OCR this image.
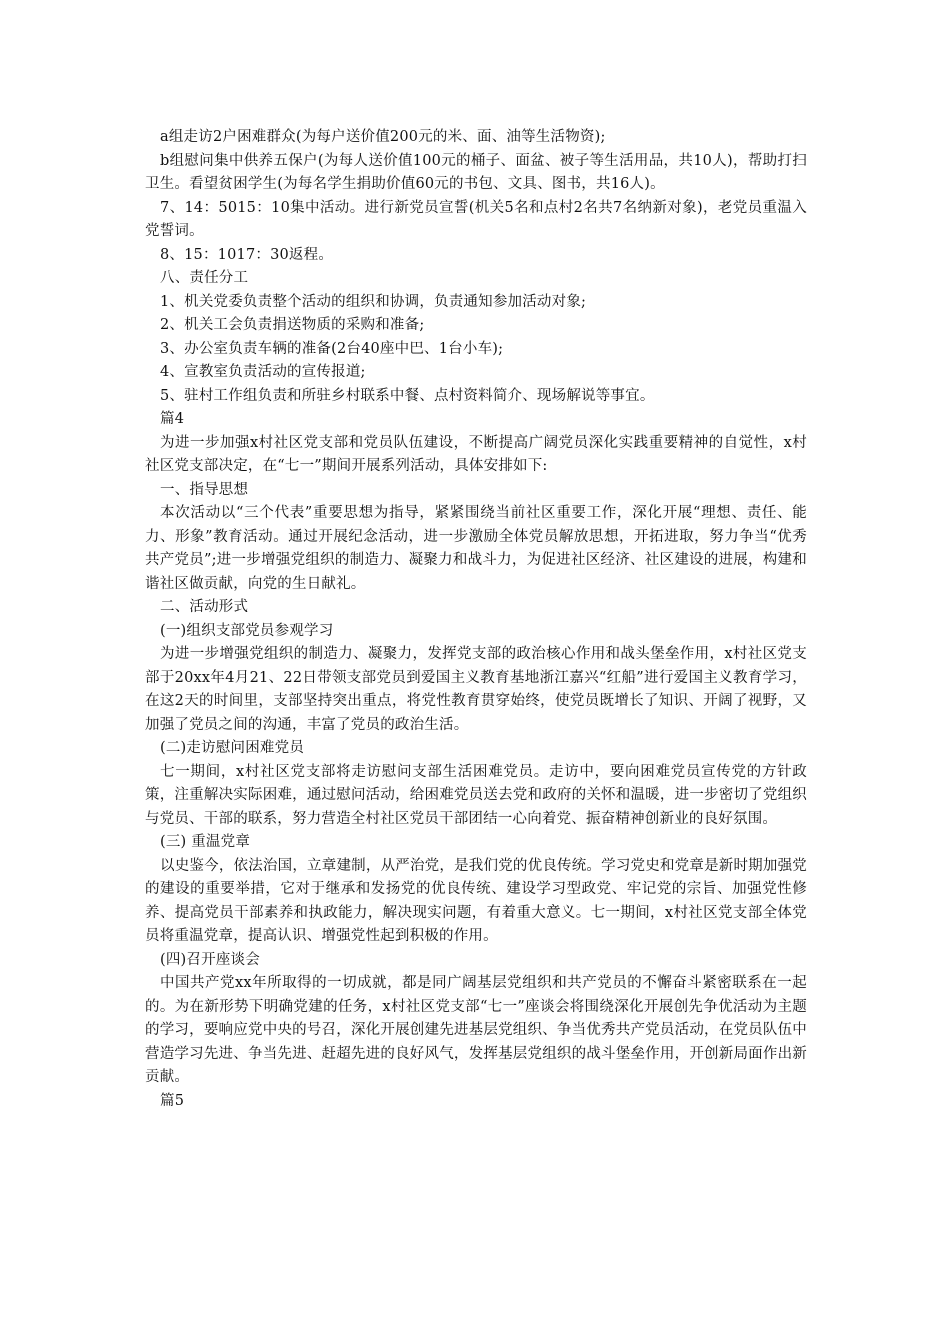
a组走访2户困难群众(为每户送价值200元的米、面、油等生活物资);

b组慰问集中供养五保户(为每人送价值100元的桶子、面盆、被子等生活用品，共10人)，帮助打扫卫生。看望贫困学生(为每名学生捐助价值60元的书包、文具、图书，共16人)。

7、14：5015：10集中活动。进行新党员宣誓(机关5名和点村2名共7名纳新对象)，老党员重温入党誓词。

8、15：1017：30返程。

八、责任分工

1、机关党委负责整个活动的组织和协调，负责通知参加活动对象;

2、机关工会负责捐送物质的采购和准备;

3、办公室负责车辆的准备(2台40座中巴、1台小车);

4、宣教室负责活动的宣传报道;

5、驻村工作组负责和所驻乡村联系中餐、点村资料简介、现场解说等事宜。

篇4

为进一步加强x村社区党支部和党员队伍建设，不断提高广阔党员深化实践重要精神的自觉性，x村社区党支部决定，在“七一”期间开展系列活动，具体安排如下:

一、指导思想

本次活动以“三个代表”重要思想为指导，紧紧围绕当前社区重要工作，深化开展“理想、责任、能力、形象”教育活动。通过开展纪念活动，进一步激励全体党员解放思想，开拓进取，努力争当“优秀共产党员”;进一步增强党组织的制造力、凝聚力和战斗力，为促进社区经济、社区建设的进展，构建和谐社区做贡献，向党的生日献礼。

二、活动形式

(一)组织支部党员参观学习

为进一步增强党组织的制造力、凝聚力，发挥党支部的政治核心作用和战头堡垒作用，x村社区党支部于20xx年4月21、22日带领支部党员到爱国主义教育基地浙江嘉兴“红船”进行爱国主义教育学习，在这2天的时间里，支部坚持突出重点，将党性教育贯穿始终，使党员既增长了知识、开阔了视野，又加强了党员之间的沟通，丰富了党员的政治生活。

(二)走访慰问困难党员

七一期间，x村社区党支部将走访慰问支部生活困难党员。走访中，要向困难党员宣传党的方针政策，注重解决实际困难，通过慰问活动，给困难党员送去党和政府的关怀和温暖，进一步密切了党组织与党员、干部的联系，努力营造全村社区党员干部团结一心向着党、振奋精神创新业的良好氛围。

(三) 重温党章

以史鉴今，依法治国，立章建制，从严治党，是我们党的优良传统。学习党史和党章是新时期加强党的建设的重要举措，它对于继承和发扬党的优良传统、建设学习型政党、牢记党的宗旨、加强党性修养、提高党员干部素养和执政能力，解决现实问题，有着重大意义。七一期间，x村社区党支部全体党员将重温党章，提高认识、增强党性起到积极的作用。

(四)召开座谈会

中国共产党xx年所取得的一切成就，都是同广阔基层党组织和共产党员的不懈奋斗紧密联系在一起的。为在新形势下明确党建的任务，x村社区党支部“七一”座谈会将围绕深化开展创先争优活动为主题的学习，要响应党中央的号召，深化开展创建先进基层党组织、争当优秀共产党员活动，在党员队伍中营造学习先进、争当先进、赶超先进的良好风气，发挥基层党组织的战斗堡垒作用，开创新局面作出新贡献。

篇5
